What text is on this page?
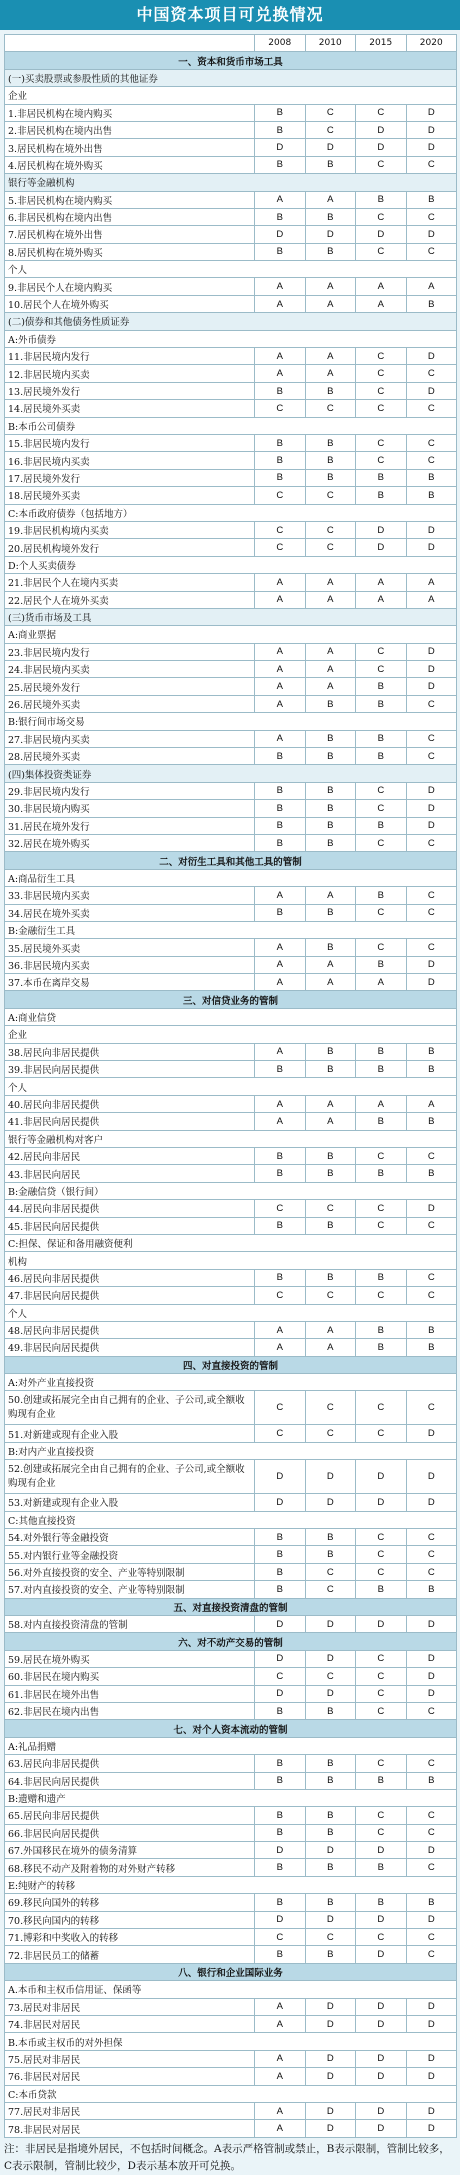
中国资本项目可兑换情况
	2008	2010	2015	2020
一、资本和货币市场工具				
(一)买卖股票或参股性质的其他证券				
企业				
1.非居民机构在境内购买	B	C	C	D
2.非居民机构在境内出售	B	C	D	D
3.居民机构在境外出售	D	D	D	D
4.居民机构在境外购买	B	B	C	C
银行等金融机构				
5.非居民机构在境内购买	A	A	B	B
6.非居民机构在境内出售	B	B	C	C
7.居民机构在境外出售	D	D	D	D
8.居民机构在境外购买	B	B	C	C
个人				
9.非居民个人在境内购买	A	A	A	A
10.居民个人在境外购买	A	A	A	B
(二)债券和其他债务性质证券				
A:外币债券				
11.非居民境内发行	A	A	C	D
12.非居民境内买卖	A	A	C	C
13.居民境外发行	B	B	C	D
14.居民境外买卖	C	C	C	C
B:本币公司债券				
15.非居民境内发行	B	B	C	C
16.非居民境内买卖	B	B	C	C
17.居民境外发行	B	B	B	B
18.居民境外买卖	C	C	B	B
C:本币政府债券（包括地方）				
19.非居民机构境内买卖	C	C	D	D
20.居民机构境外发行	C	C	D	D
D:个人买卖债券				
21.非居民个人在境内买卖	A	A	A	A
22.居民个人在境外买卖	A	A	A	A
(三)货币市场及工具				
A:商业票据				
23.非居民境内发行	A	A	C	D
24.非居民境内买卖	A	A	C	D
25.居民境外发行	A	A	B	D
26.居民境外买卖	A	B	B	C
B:银行间市场交易				
27.非居民境内买卖	A	B	B	C
28.居民境外买卖	B	B	B	C
(四)集体投资类证券				
29.非居民境内发行	B	B	C	D
30.非居民境内购买	B	B	C	D
31.居民在境外发行	B	B	B	D
32.居民在境外购买	B	B	C	C
二、对衍生工具和其他工具的管制				
A:商品衍生工具				
33.非居民境内买卖	A	A	B	C
34.居民在境外买卖	B	B	C	C
B:金融衍生工具				
35.居民境外买卖	A	B	C	C
36.非居民境内买卖	A	A	B	D
37.本币在离岸交易	A	A	A	D
三、对信贷业务的管制				
A:商业信贷				
企业				
38.居民向非居民提供	A	B	B	B
39.非居民向居民提供	B	B	B	B
个人				
40.居民向非居民提供	A	A	A	A
41.非居民向居民提供	A	A	B	B
银行等金融机构对客户				
42.居民向非居民	B	B	C	C
43.非居民向居民	B	B	B	B
B:金融信贷（银行间）				
44.居民向非居民提供	C	C	C	D
45.非居民向居民提供	B	B	C	C
C:担保、保证和备用融资便利				
机构				
46.居民向非居民提供	B	B	B	C
47.非居民向居民提供	C	C	C	C
个人				
48.居民向非居民提供	A	A	B	B
49.非居民向居民提供	A	A	B	B
四、对直接投资的管制				
A:对外产业直接投资				
50.创建或拓展完全由自己拥有的企业、子公司,或全额收购现有企业	C	C	C	C
51.对新建或现有企业入股	C	C	C	D
B:对内产业直接投资				
52.创建或拓展完全由自己拥有的企业、子公司,或全额收购现有企业	D	D	D	D
53.对新建或现有企业入股	D	D	D	D
C:其他直接投资				
54.对外银行等金融投资	B	B	C	C
55.对内银行业等金融投资	B	B	C	C
56.对外直接投资的安全、产业等特别限制	B	C	C	C
57.对内直接投资的安全、产业等特别限制	B	C	B	B
五、对直接投资清盘的管制				
58.对内直接投资清盘的管制	D	D	D	D
六、对不动产交易的管制				
59.居民在境外购买	D	D	C	D
60.非居民在境内购买	C	C	C	D
61.非居民在境外出售	D	D	C	D
62.非居民在境内出售	B	B	C	C
七、对个人资本流动的管制				
A:礼品捐赠				
63.居民向非居民提供	B	B	C	C
64.非居民向居民提供	B	B	B	B
B:遗赠和遗产				
65.居民向非居民提供	B	B	C	C
66.非居民向居民提供	B	B	C	C
67.外国移民在境外的债务清算	D	D	D	D
68.移民不动产及附着物的对外财产转移	B	B	B	C
E:纯财产的转移				
69.移民向国外的转移	B	B	B	B
70.移民向国内的转移	D	D	D	D
71.博彩和中奖收入的转移	C	C	C	C
72.非居民员工的储蓄	B	B	D	C
八、银行和企业国际业务				
A.本币和主权币信用证、保函等				
73.居民对非居民	A	D	D	D
74.非居民对居民	A	D	D	D
B.本币或主权币的对外担保				
75.居民对非居民	A	D	D	D
76.非居民对居民	A	D	D	D
C:本币贷款				
77.居民对非居民	A	D	D	D
78.非居民对居民	A	D	D	D
注：非居民是指境外居民，不包括时间概念。A表示严格管制或禁止，B表示限制，管制比较多，C表示限制，管制比较少，D表示基本放开可兑换。
